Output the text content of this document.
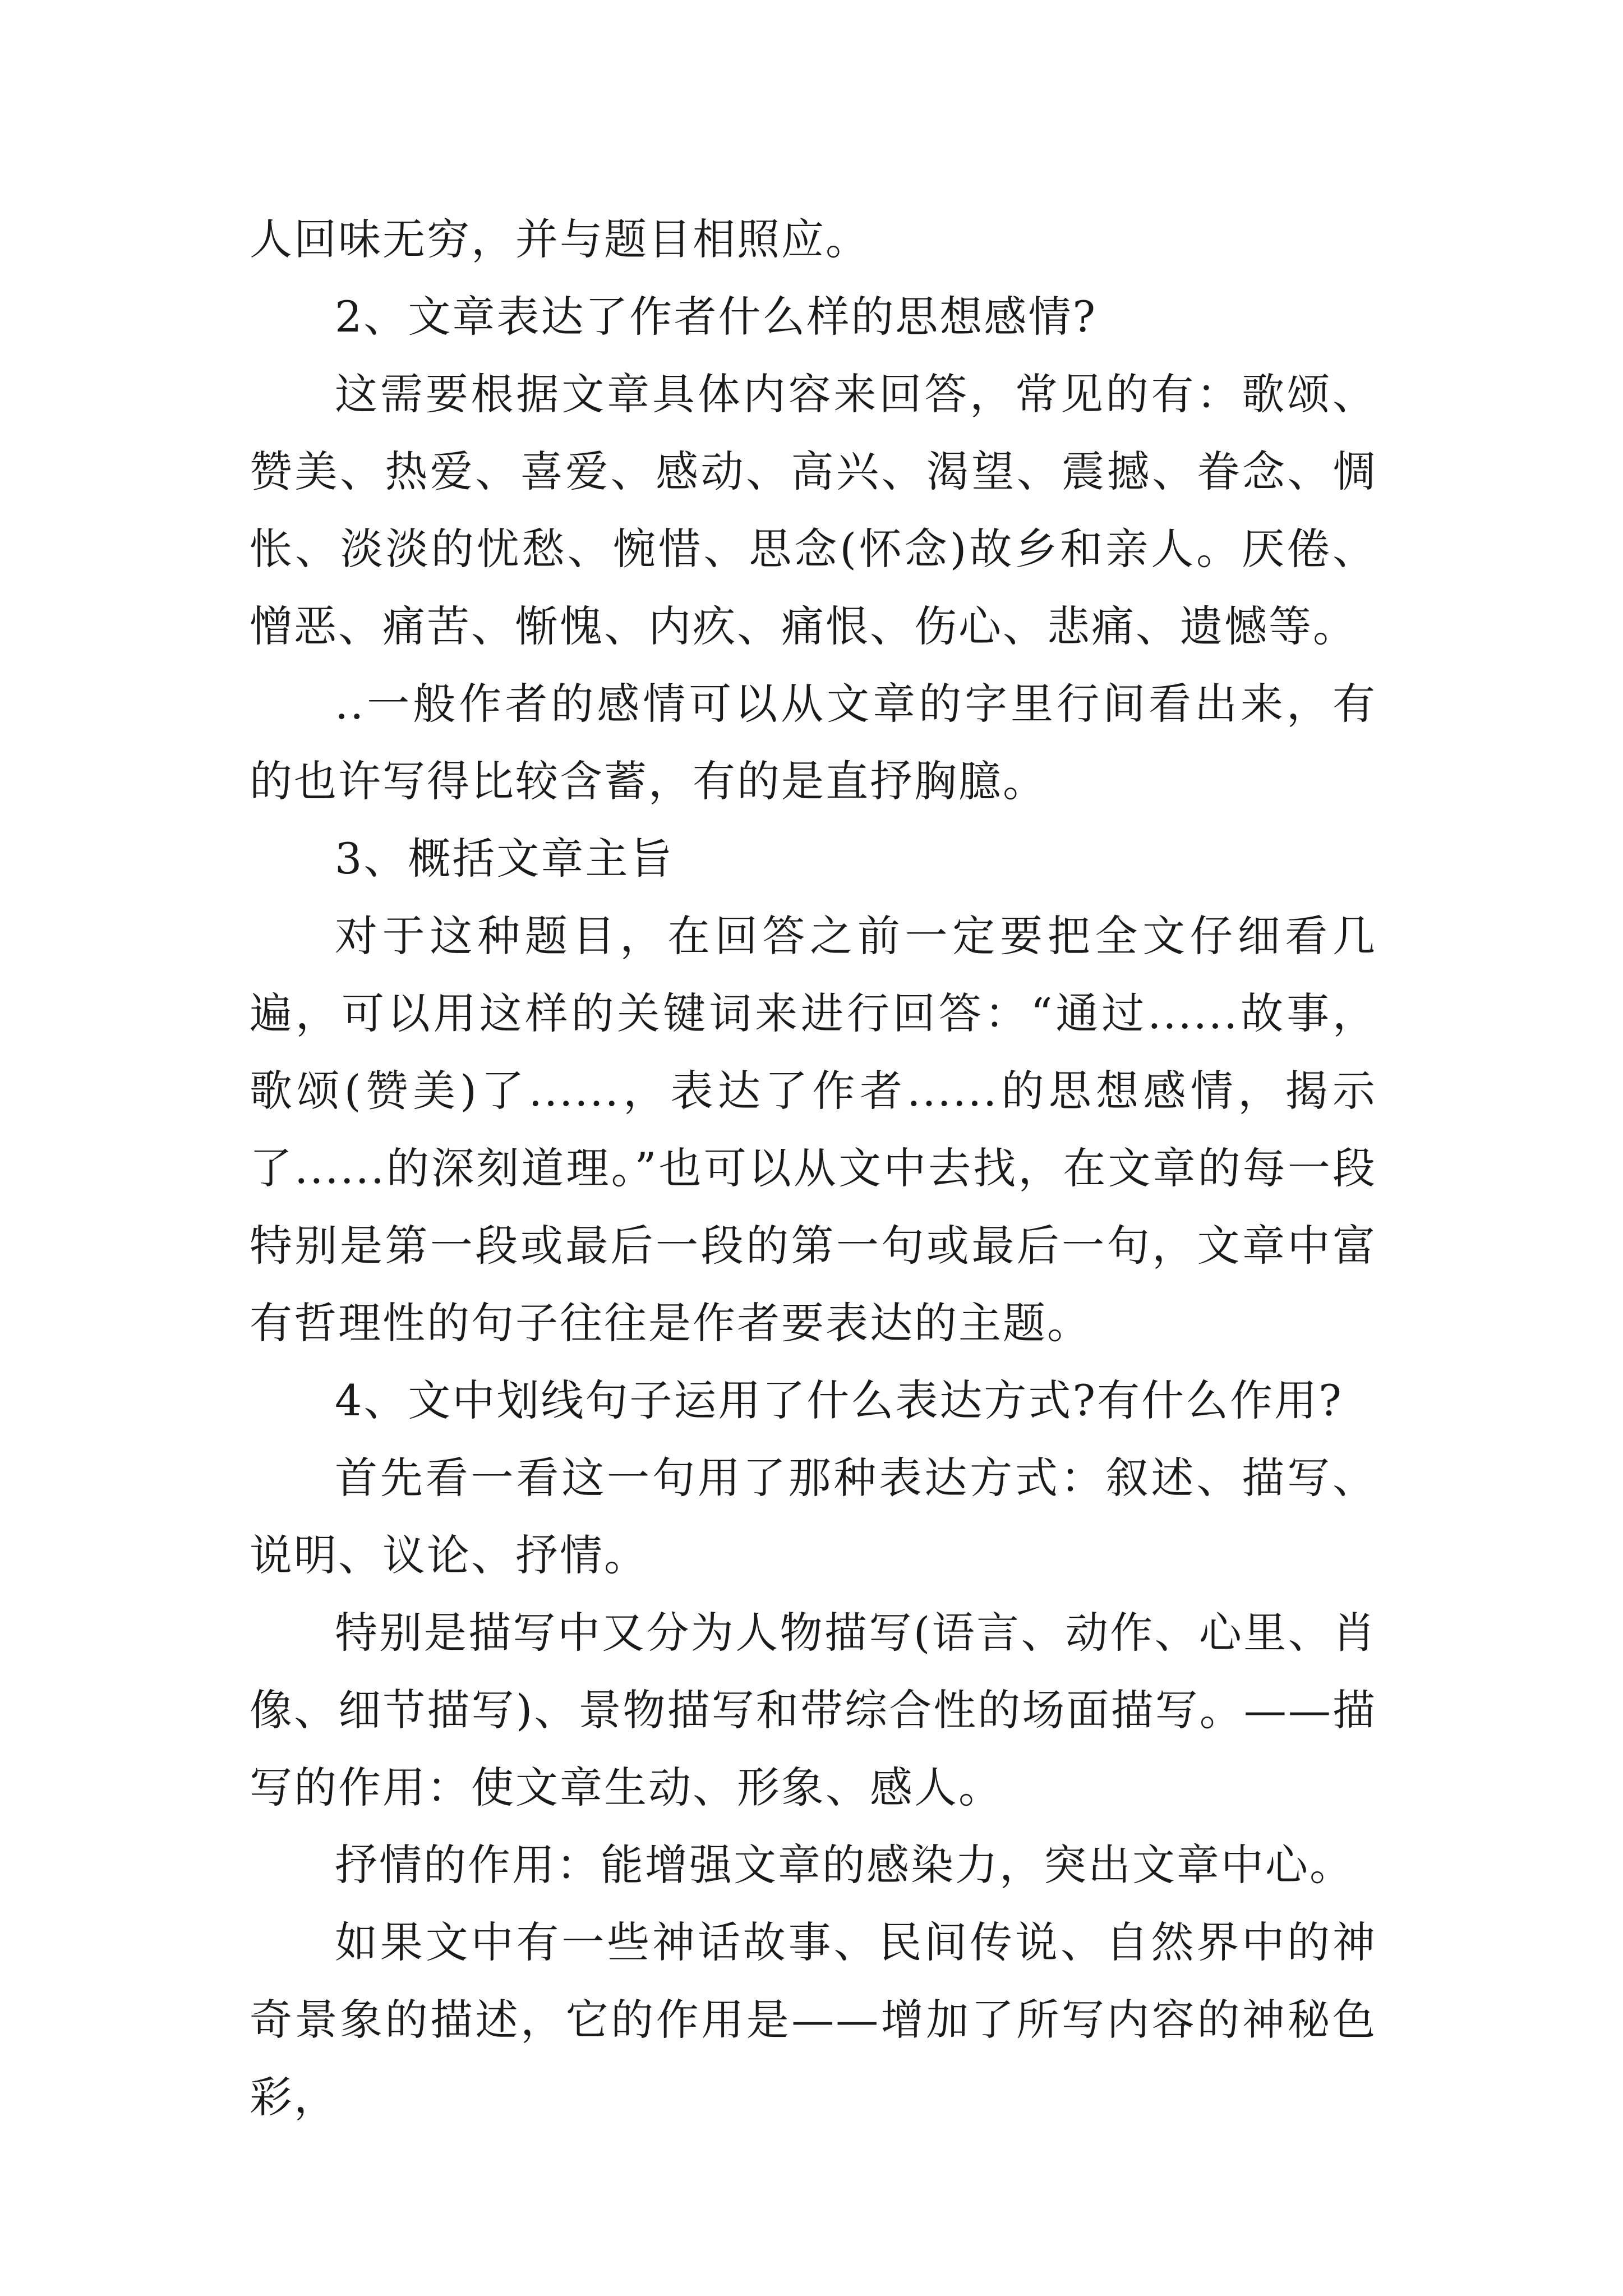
人回味无穷，并与题目相照应。

2、文章表达了作者什么样的思想感情?

这需要根据文章具体内容来回答，常见的有：歌颂、赞美、热爱、喜爱、感动、高兴、渴望、震撼、眷念、惆怅、淡淡的忧愁、惋惜、思念(怀念)故乡和亲人。厌倦、憎恶、痛苦、惭愧、内疚、痛恨、伤心、悲痛、遗憾等。

..一般作者的感情可以从文章的字里行间看出来，有的也许写得比较含蓄，有的是直抒胸臆。

3、概括文章主旨

对于这种题目，在回答之前一定要把全文仔细看几遍，可以用这样的关键词来进行回答：“通过......故事，歌颂(赞美)了......，表达了作者......的思想感情，揭示了......的深刻道理。”也可以从文中去找，在文章的每一段特别是第一段或最后一段的第一句或最后一句，文章中富有哲理性的句子往往是作者要表达的主题。

4、文中划线句子运用了什么表达方式?有什么作用?

首先看一看这一句用了那种表达方式：叙述、描写、说明、议论、抒情。

特别是描写中又分为人物描写(语言、动作、心里、肖像、细节描写)、景物描写和带综合性的场面描写。——描写的作用：使文章生动、形象、感人。

抒情的作用：能增强文章的感染力，突出文章中心。

如果文中有一些神话故事、民间传说、自然界中的神奇景象的描述，它的作用是——增加了所写内容的神秘色彩，
